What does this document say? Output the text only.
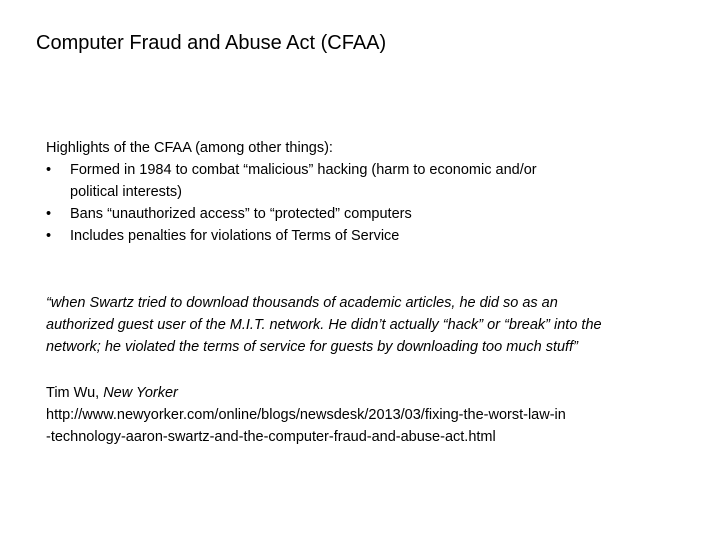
Computer Fraud and Abuse Act (CFAA)
Highlights of the CFAA (among other things):
• Formed in 1984 to combat “malicious” hacking (harm to economic and/or political interests)
• Bans “unauthorized access” to “protected” computers
• Includes penalties for violations of Terms of Service
“when Swartz tried to download thousands of academic articles, he did so as an authorized guest user of the M.I.T. network. He didn’t actually “hack” or “break” into the network; he violated the terms of service for guests by downloading too much stuff”
Tim Wu, New Yorker
http://www.newyorker.com/online/blogs/newsdesk/2013/03/fixing-the-worst-law-in
-technology-aaron-swartz-and-the-computer-fraud-and-abuse-act.html
